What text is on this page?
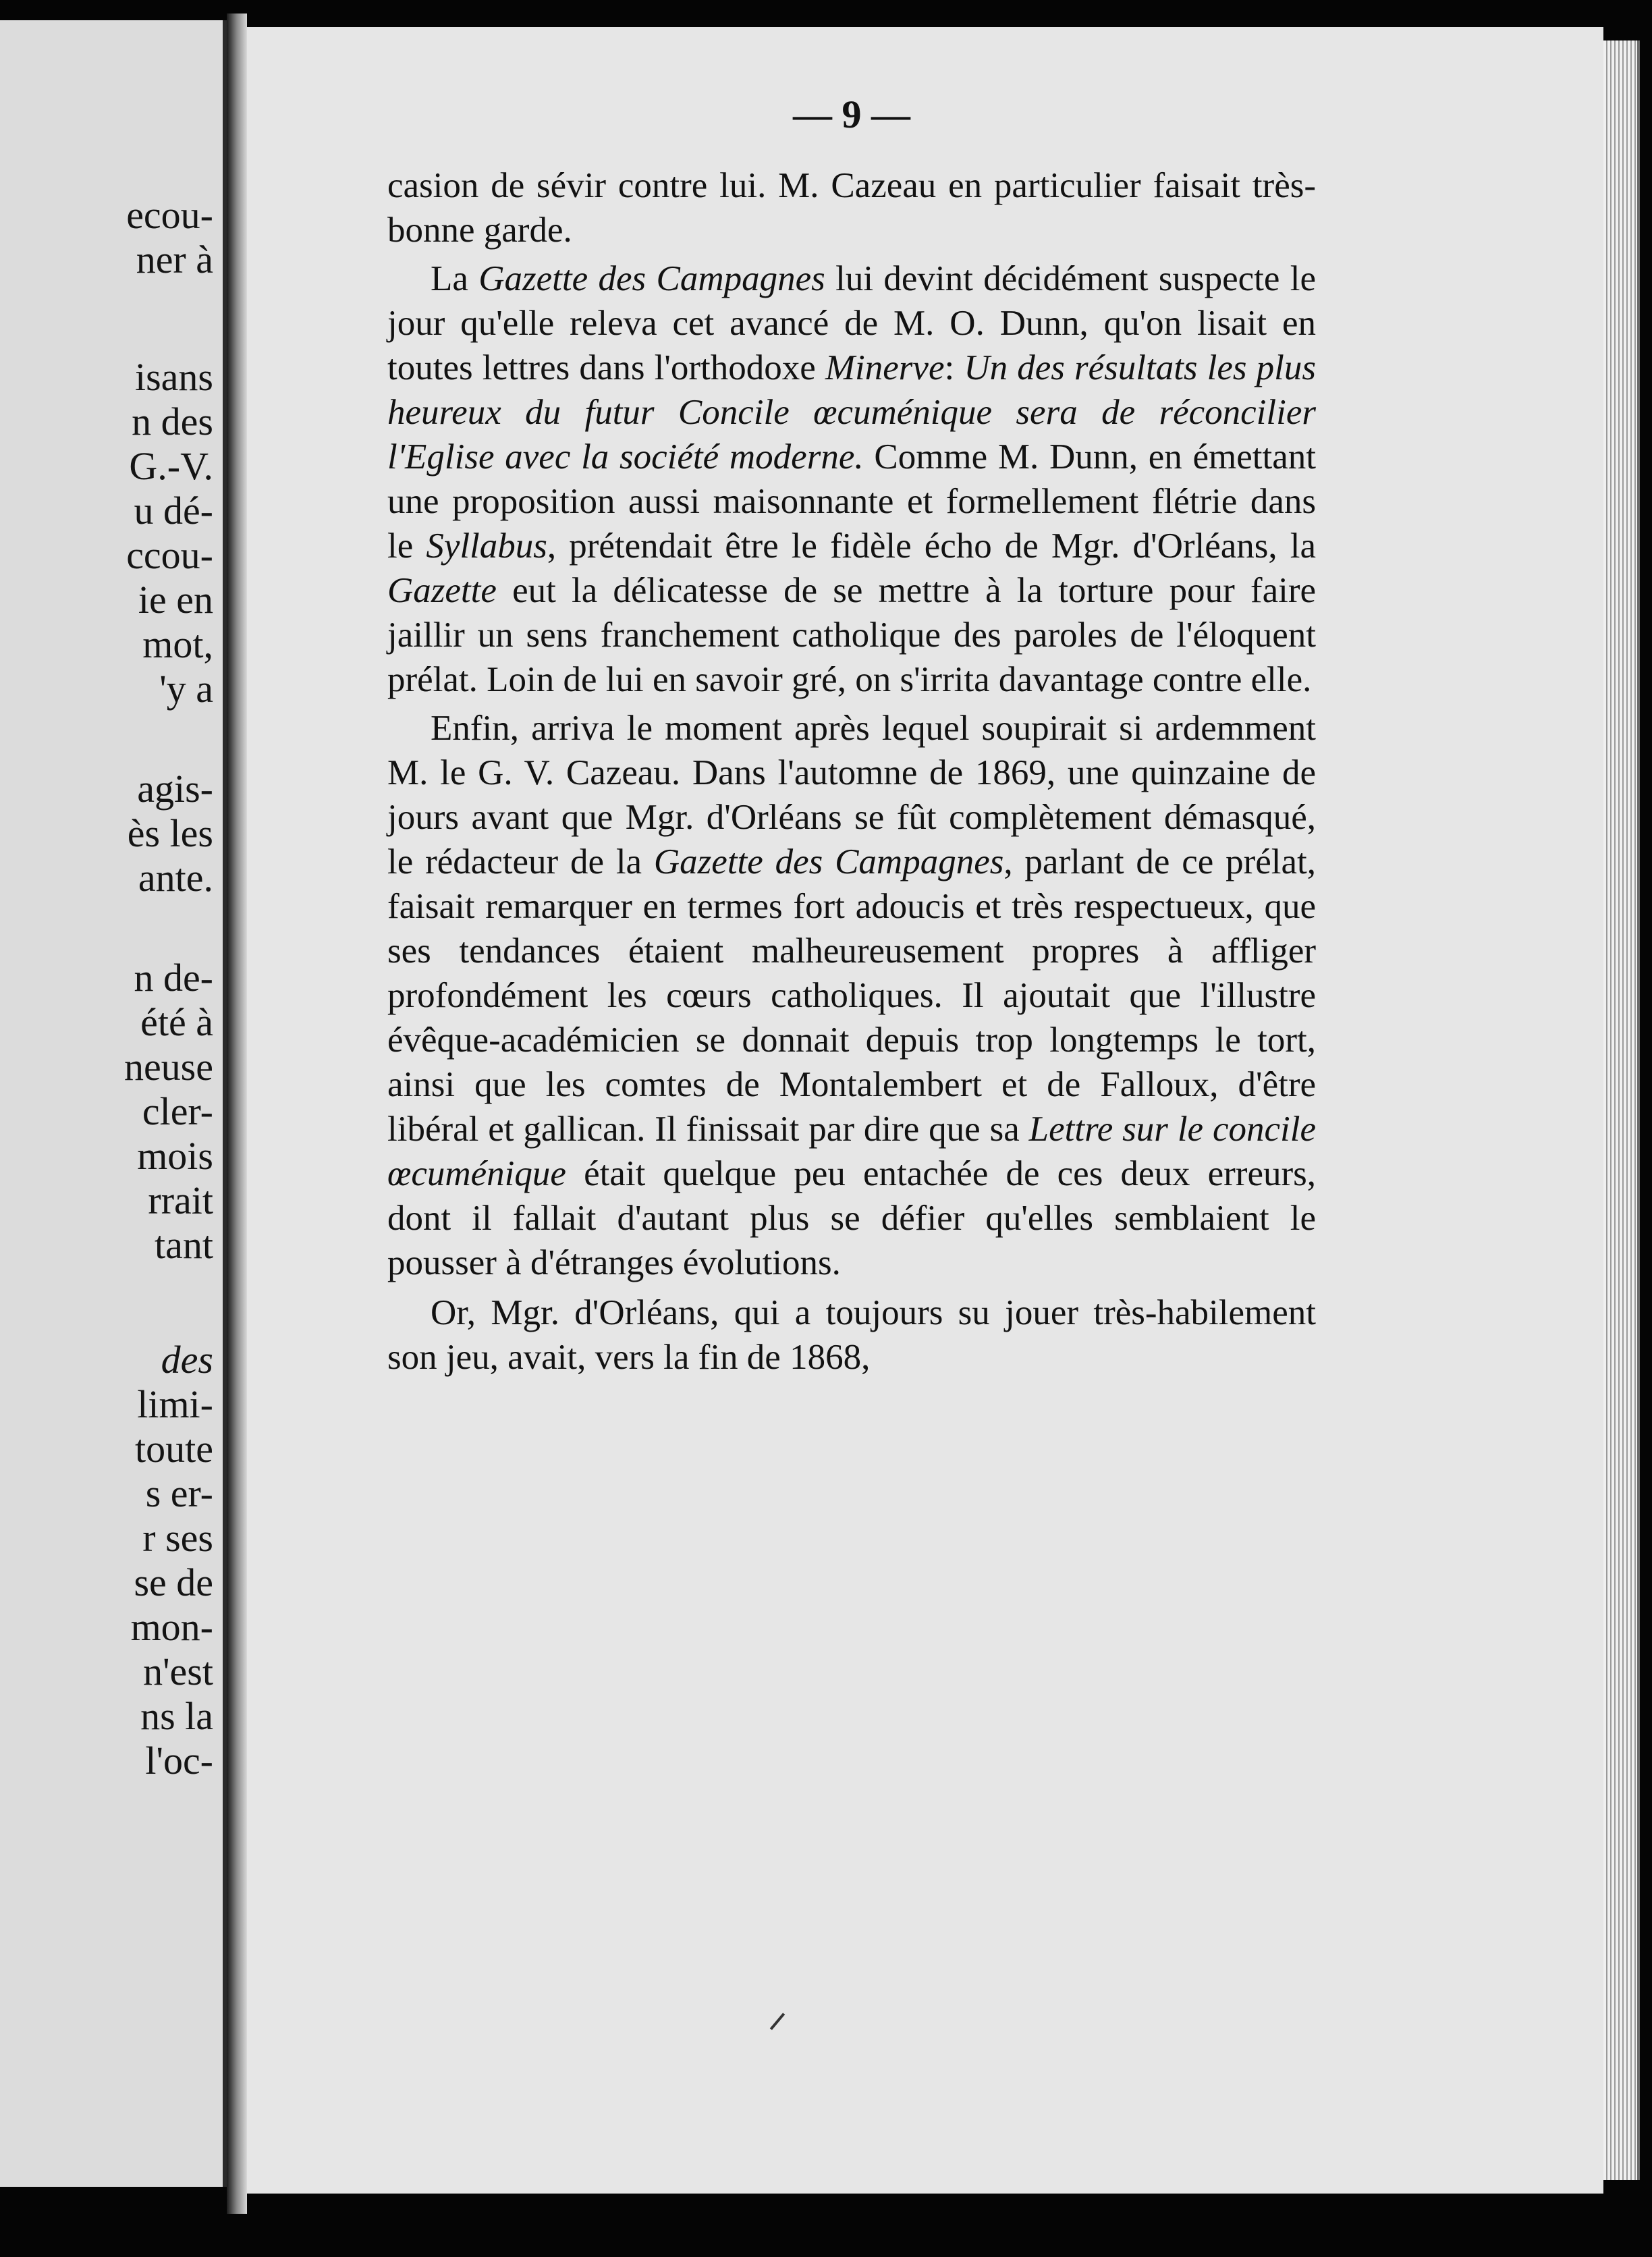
ecou-
ner à
isans
n des
G.-V.
u dé-
ccou-
ie en
mot,
'y a
agis-
ès les
ante.
n de-
été à
neuse
cler-
mois
rrait
tant
des
limi-
toute
s er-
r ses
se de
mon-
n'est
ns la
l'oc-
— 9 —

casion de sévir contre lui. M. Cazeau en particulier faisait très-bonne garde.

La Gazette des Campagnes lui devint décidément suspecte le jour qu'elle releva cet avancé de M. O. Dunn, qu'on lisait en toutes lettres dans l'orthodoxe Minerve: Un des résultats les plus heureux du futur Concile œcuménique sera de réconcilier l'Eglise avec la société moderne. Comme M. Dunn, en émettant une proposition aussi maisonnante et formellement flétrie dans le Syllabus, prétendait être le fidèle écho de Mgr. d'Orléans, la Gazette eut la délicatesse de se mettre à la torture pour faire jaillir un sens franchement catholique des paroles de l'éloquent prélat. Loin de lui en savoir gré, on s'irrita davantage contre elle.

Enfin, arriva le moment après lequel soupirait si ardemment M. le G. V. Cazeau. Dans l'automne de 1869, une quinzaine de jours avant que Mgr. d'Orléans se fût complètement démasqué, le rédacteur de la Gazette des Campagnes, parlant de ce prélat, faisait remarquer en termes fort adoucis et très respectueux, que ses tendances étaient malheureusement propres à affliger profondément les cœurs catholiques. Il ajoutait que l'illustre évêque-académicien se donnait depuis trop longtemps le tort, ainsi que les comtes de Montalembert et de Falloux, d'être libéral et gallican. Il finissait par dire que sa Lettre sur le concile œcuménique était quelque peu entachée de ces deux erreurs, dont il fallait d'autant plus se défier qu'elles semblaient le pousser à d'étranges évolutions.

Or, Mgr. d'Orléans, qui a toujours su jouer très-habilement son jeu, avait, vers la fin de 1868,
